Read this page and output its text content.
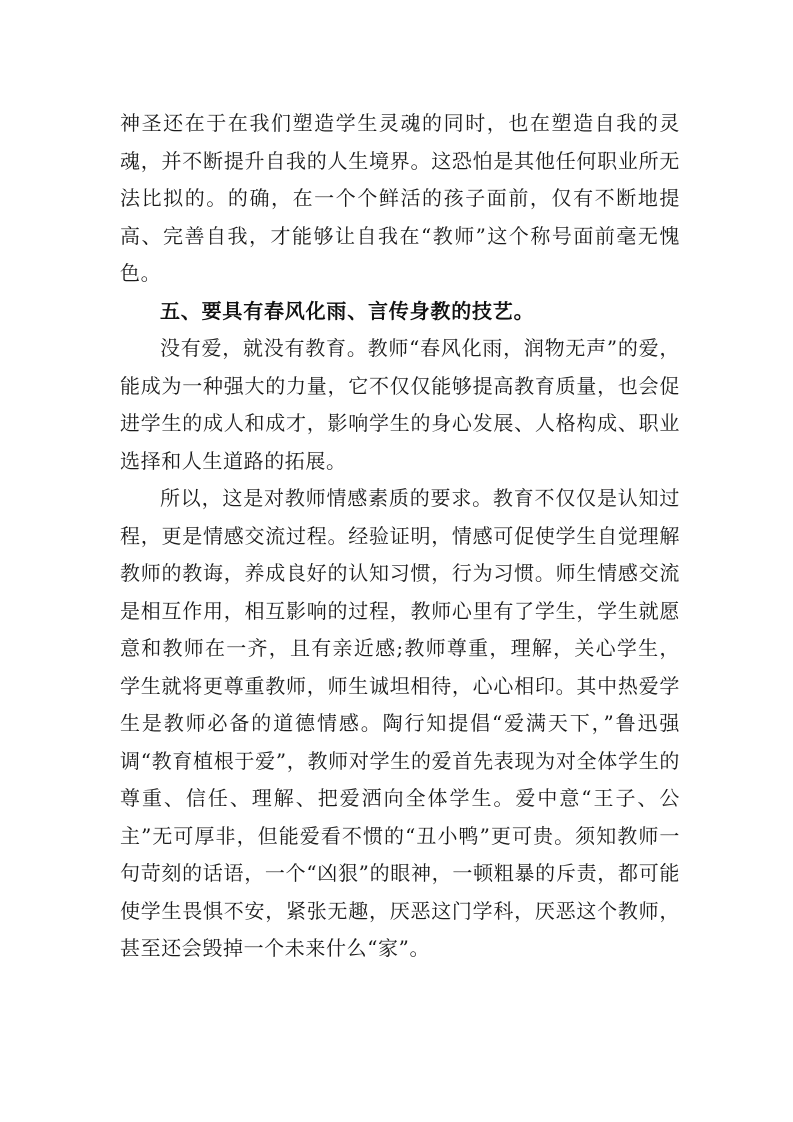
神圣还在于在我们塑造学生灵魂的同时，也在塑造自我的灵魂，并不断提升自我的人生境界。这恐怕是其他任何职业所无法比拟的。的确，在一个个鲜活的孩子面前，仅有不断地提高、完善自我，才能够让自我在“教师”这个称号面前毫无愧色。

五、要具有春风化雨、言传身教的技艺。

没有爱，就没有教育。教师“春风化雨，润物无声”的爱，能成为一种强大的力量，它不仅仅能够提高教育质量，也会促进学生的成人和成才，影响学生的身心发展、人格构成、职业选择和人生道路的拓展。

所以，这是对教师情感素质的要求。教育不仅仅是认知过程，更是情感交流过程。经验证明，情感可促使学生自觉理解教师的教诲，养成良好的认知习惯，行为习惯。师生情感交流是相互作用，相互影响的过程，教师心里有了学生，学生就愿意和教师在一齐，且有亲近感;教师尊重，理解，关心学生，学生就将更尊重教师，师生诚坦相待，心心相印。其中热爱学生是教师必备的道德情感。陶行知提倡“爱满天下，”鲁迅强调“教育植根于爱”，教师对学生的爱首先表现为对全体学生的尊重、信任、理解、把爱洒向全体学生。爱中意“王子、公主”无可厚非，但能爱看不惯的“丑小鸭”更可贵。须知教师一句苛刻的话语，一个“凶狠”的眼神，一顿粗暴的斥责，都可能使学生畏惧不安，紧张无趣，厌恶这门学科，厌恶这个教师，甚至还会毁掉一个未来什么“家”。
